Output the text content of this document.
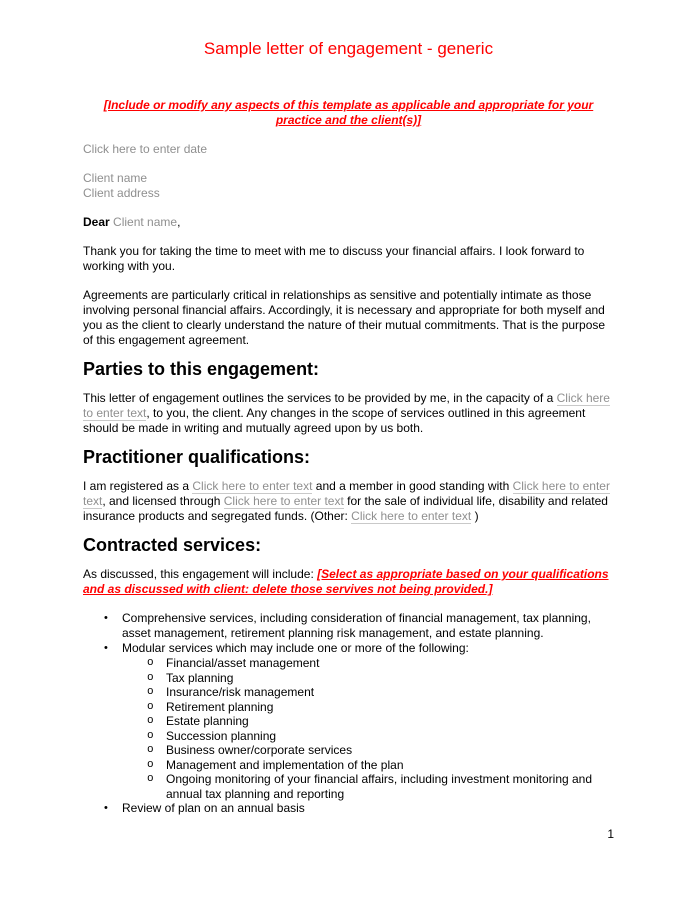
Sample letter of engagement - generic

[Include or modify any aspects of this template as applicable and appropriate for your practice and the client(s)]

Click here to enter date

Client name
Client address

Dear Client name,

Thank you for taking the time to meet with me to discuss your financial affairs. I look forward to working with you.

Agreements are particularly critical in relationships as sensitive and potentially intimate as those involving personal financial affairs. Accordingly, it is necessary and appropriate for both myself and you as the client to clearly understand the nature of their mutual commitments. That is the purpose of this engagement agreement.

Parties to this engagement:

This letter of engagement outlines the services to be provided by me, in the capacity of a Click here to enter text, to you, the client. Any changes in the scope of services outlined in this agreement should be made in writing and mutually agreed upon by us both.

Practitioner qualifications:

I am registered as a Click here to enter text and a member in good standing with Click here to enter text, and licensed through Click here to enter text for the sale of individual life, disability and related insurance products and segregated funds. (Other: Click here to enter text )

Contracted services:

As discussed, this engagement will include: [Select as appropriate based on your qualifications and as discussed with client: delete those servives not being provided.]

•	Comprehensive services, including consideration of financial management, tax planning, asset management, retirement planning risk management, and estate planning.
•	Modular services which may include one or more of the following:
o	Financial/asset management
o	Tax planning
o	Insurance/risk management
o	Retirement planning
o	Estate planning
o	Succession planning
o	Business owner/corporate services
o	Management and implementation of the plan
o	Ongoing monitoring of your financial affairs, including investment monitoring and annual tax planning and reporting
•	Review of plan on an annual basis
1
